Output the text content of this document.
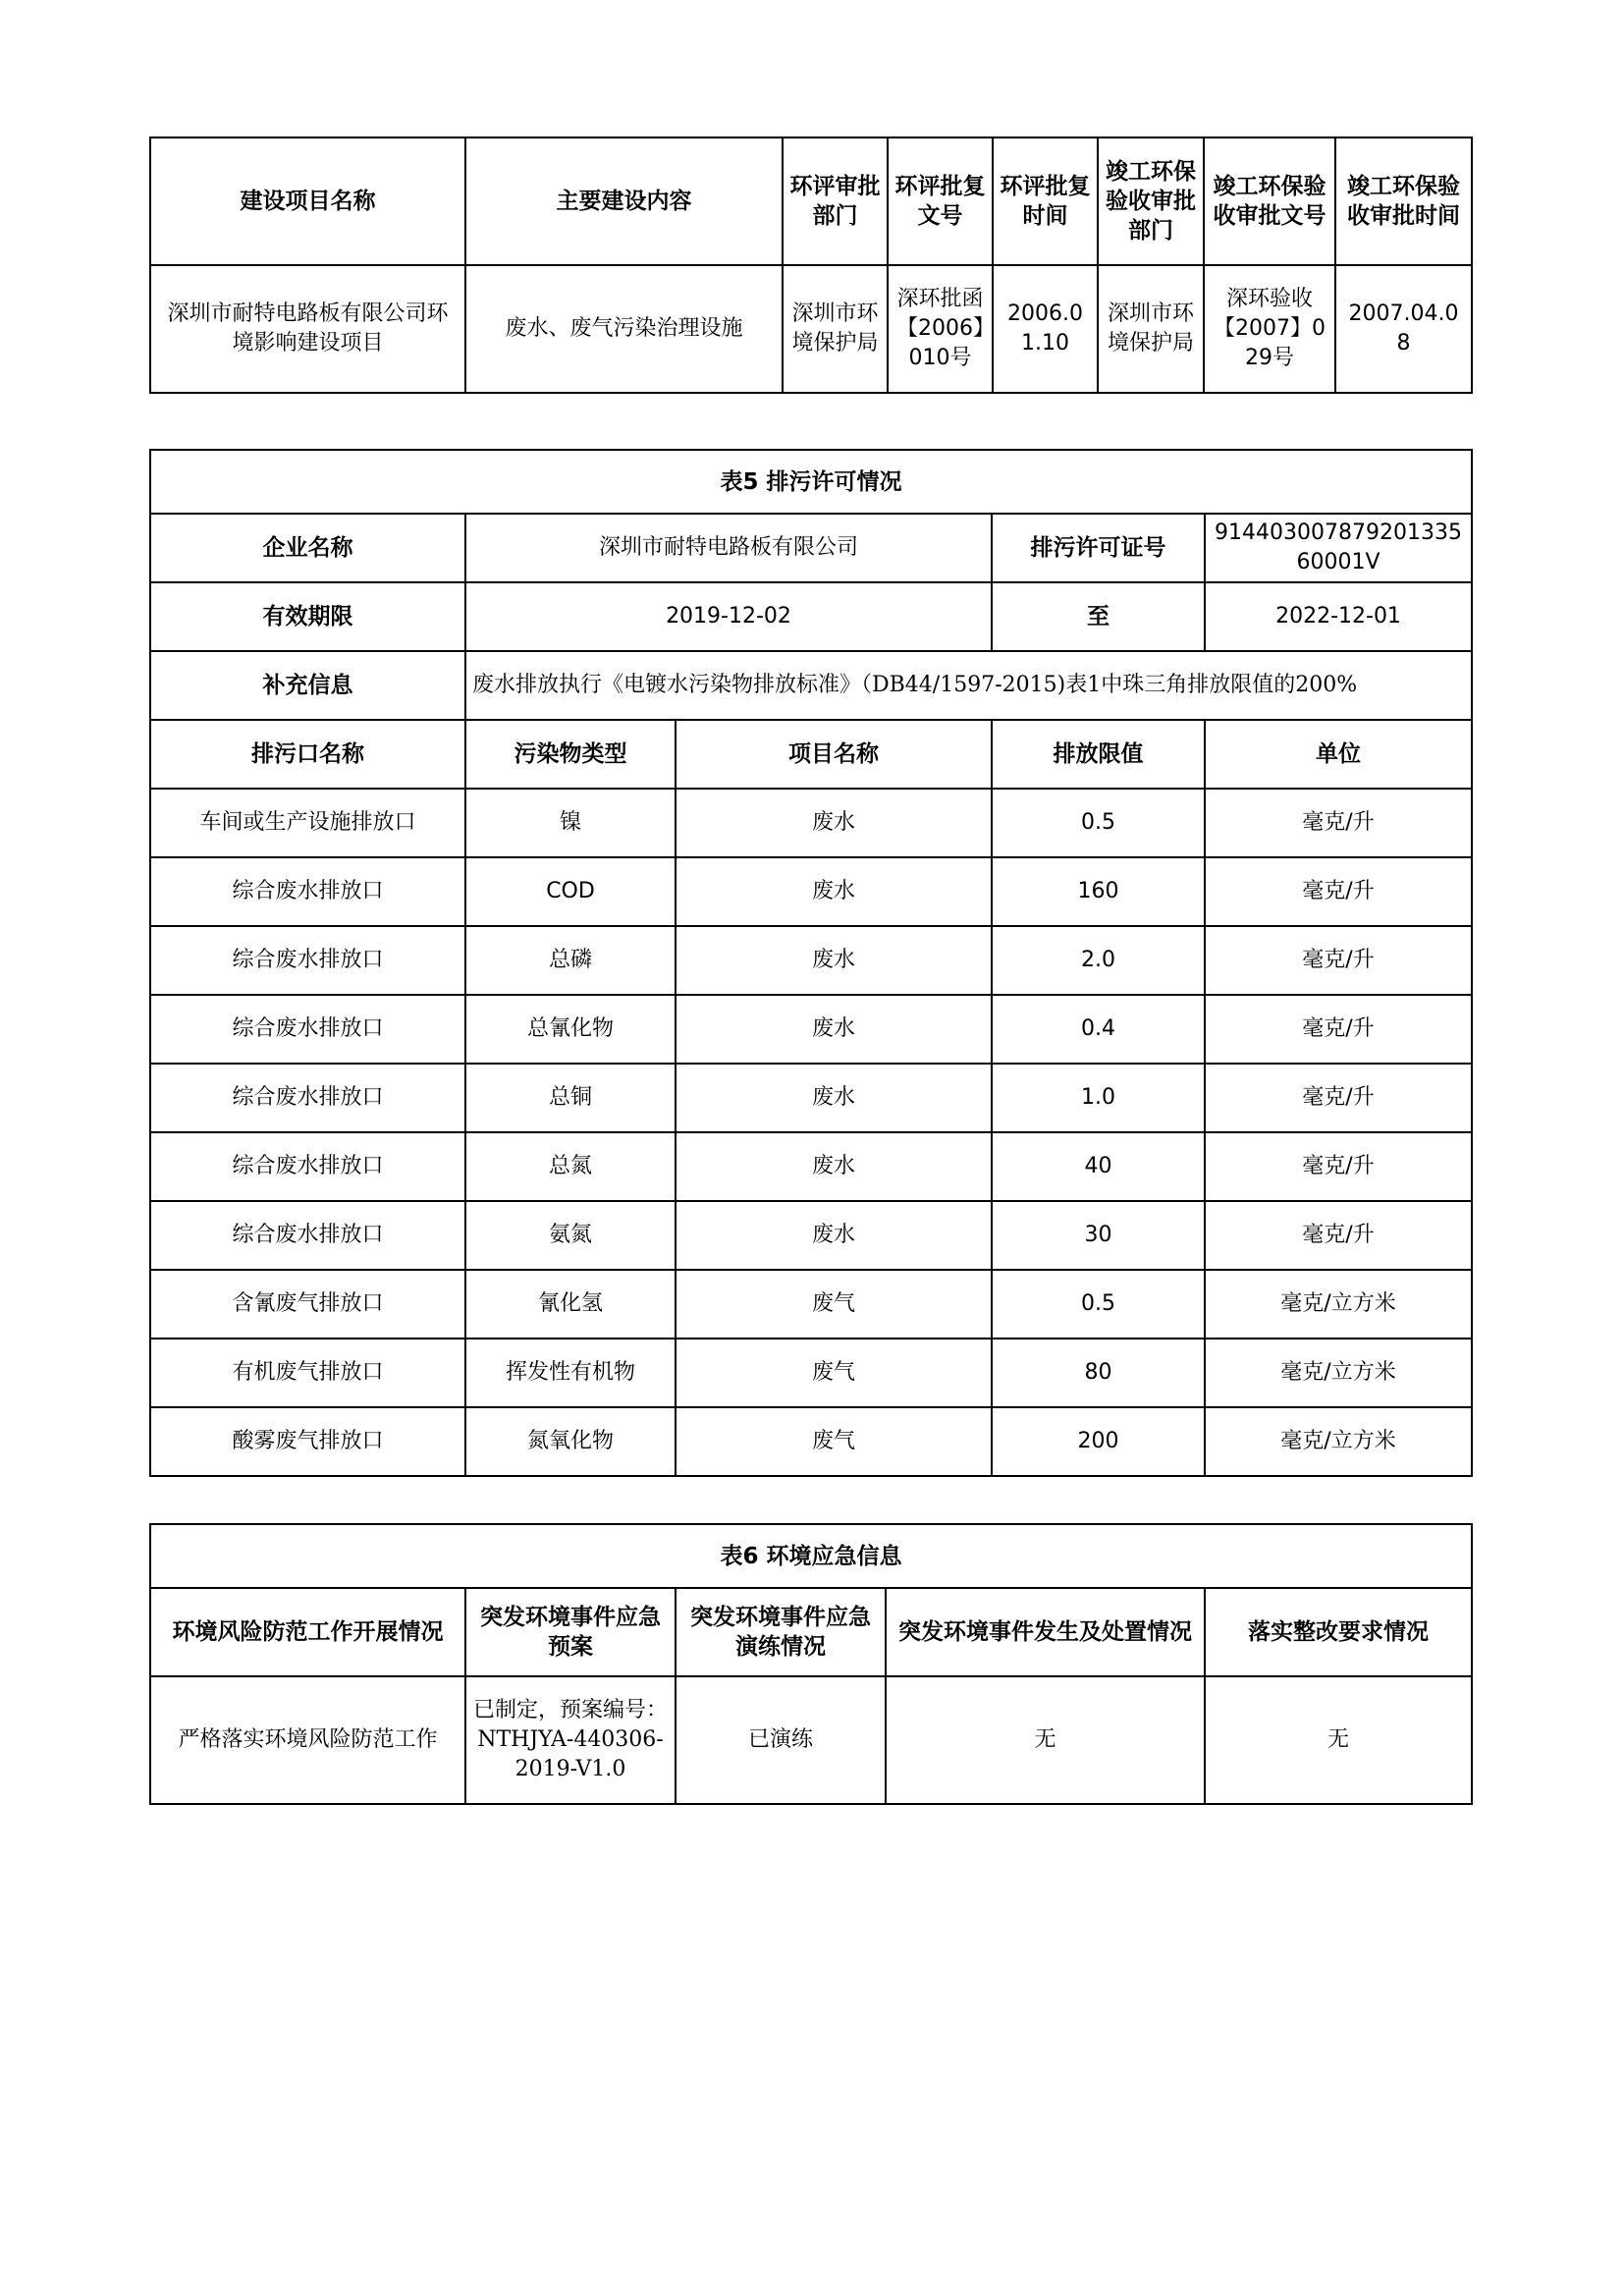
建设项目名称	主要建设内容	环评审批部门	环评批复文号	环评批复时间	竣工环保验收审批部门	竣工环保验收审批文号	竣工环保验收审批时间
深圳市耐特电路板有限公司环境影响建设项目	废水、废气污染治理设施	深圳市环境保护局	深环批函【2006】010号	2006.01.10	深圳市环境保护局	深环验收【2007】029号	2007.04.08
表5 排污许可情况				
企业名称	深圳市耐特电路板有限公司		排污许可证号	91440300787920133560001V
有效期限	2019-12-02		至	2022-12-01
补充信息	废水排放执行《电镀水污染物排放标准》（DB44/1597-2015)表1中珠三角排放限值的200%			
排污口名称	污染物类型	项目名称	排放限值	单位
车间或生产设施排放口	镍	废水	0.5	毫克/升
综合废水排放口	COD	废水	160	毫克/升
综合废水排放口	总磷	废水	2.0	毫克/升
综合废水排放口	总氰化物	废水	0.4	毫克/升
综合废水排放口	总铜	废水	1.0	毫克/升
综合废水排放口	总氮	废水	40	毫克/升
综合废水排放口	氨氮	废水	30	毫克/升
含氰废气排放口	氰化氢	废气	0.5	毫克/立方米
有机废气排放口	挥发性有机物	废气	80	毫克/立方米
酸雾废气排放口	氮氧化物	废气	200	毫克/立方米
表6 环境应急信息				
环境风险防范工作开展情况	突发环境事件应急预案	突发环境事件应急演练情况	突发环境事件发生及处置情况	落实整改要求情况
严格落实环境风险防范工作	已制定，预案编号：NTHJYA-440306-2019-V1.0	已演练	无	无
